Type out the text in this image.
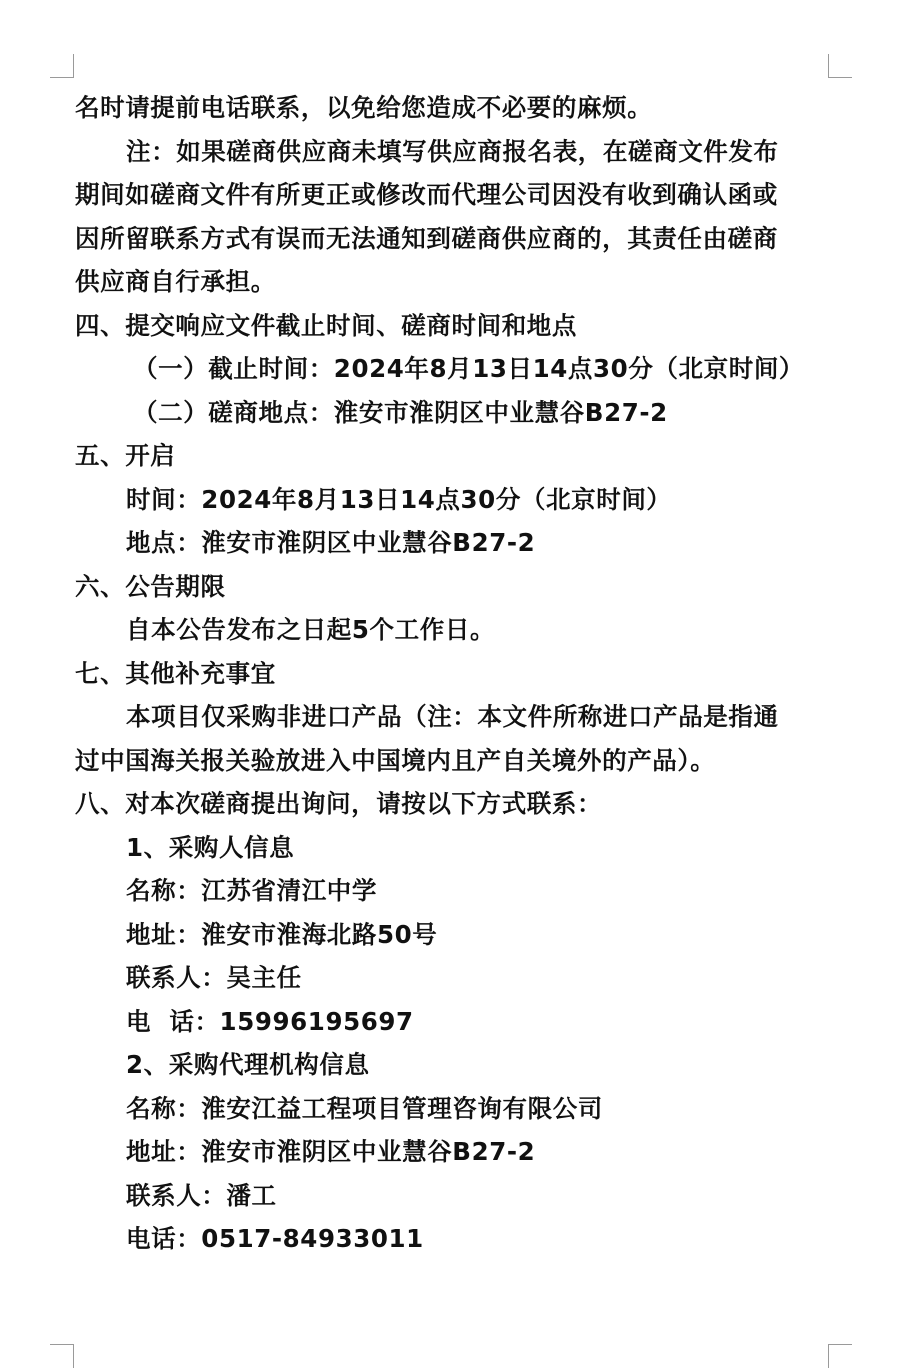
名时请提前电话联系，以免给您造成不必要的麻烦。
注：如果磋商供应商未填写供应商报名表，在磋商文件发布
期间如磋商文件有所更正或修改而代理公司因没有收到确认函或
因所留联系方式有误而无法通知到磋商供应商的，其责任由磋商
供应商自行承担。
四、提交响应文件截止时间、磋商时间和地点
（一）截止时间：2024年8月13日14点30分（北京时间）
（二）磋商地点：淮安市淮阴区中业慧谷B27-2
五、开启
时间：2024年8月13日14点30分（北京时间）
地点：淮安市淮阴区中业慧谷B27-2
六、公告期限
自本公告发布之日起5个工作日。
七、其他补充事宜
本项目仅采购非进口产品（注：本文件所称进口产品是指通
过中国海关报关验放进入中国境内且产自关境外的产品）。
八、对本次磋商提出询问，请按以下方式联系：
1、采购人信息
名称：江苏省清江中学
地址：淮安市淮海北路50号
联系人：吴主任
电  话：15996195697
2、采购代理机构信息
名称：淮安江益工程项目管理咨询有限公司
地址：淮安市淮阴区中业慧谷B27-2
联系人：潘工
电话：0517-84933011
